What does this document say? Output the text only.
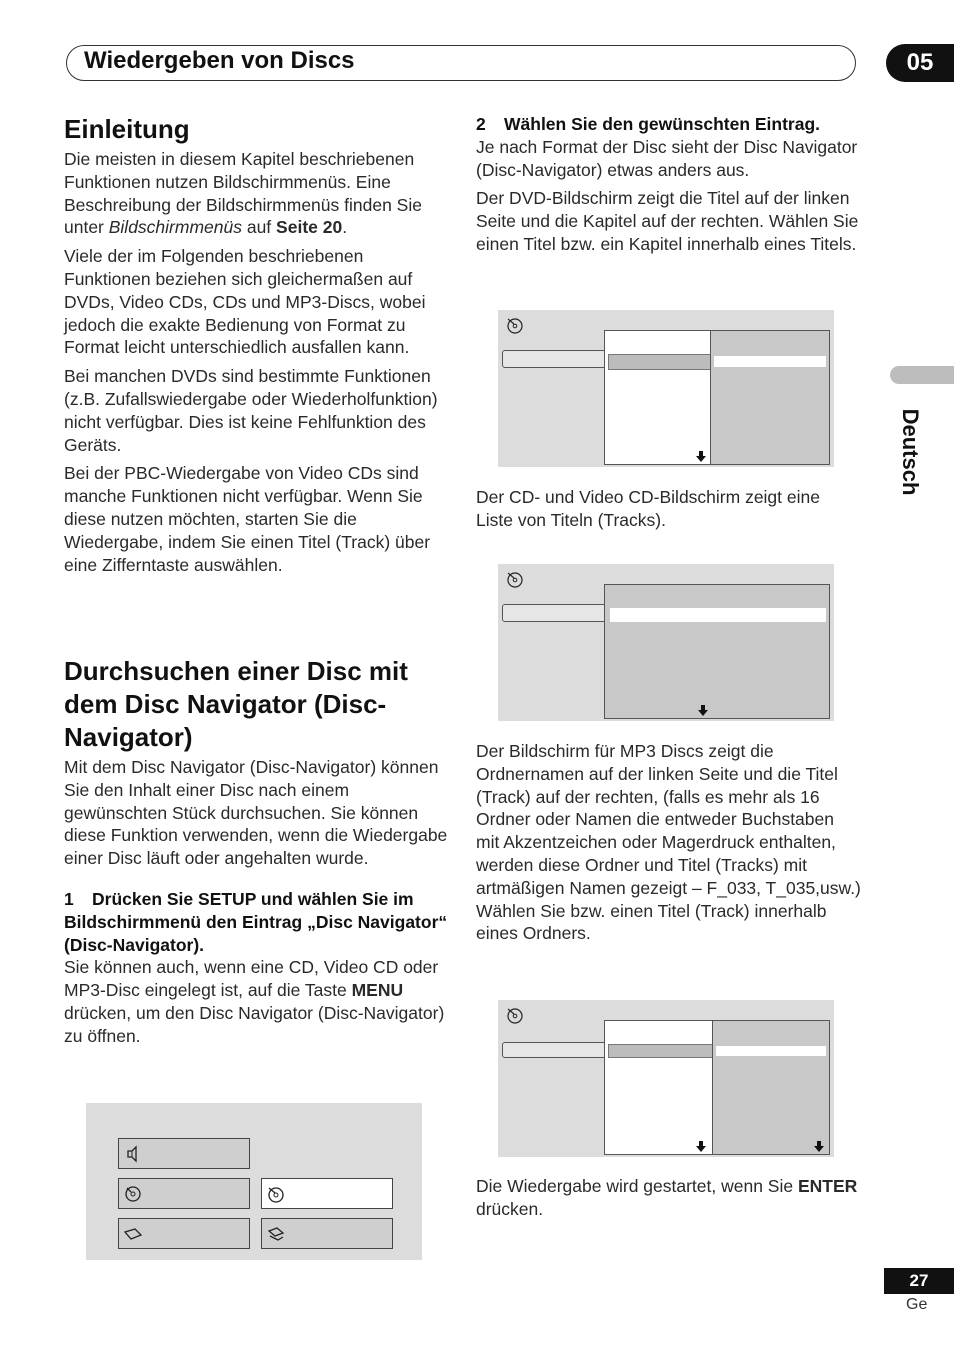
Wiedergeben von Discs	05
Deutsch
Einleitung

Die meisten in diesem Kapitel beschriebenen Funktionen nutzen Bildschirmmenüs. Eine Beschreibung der Bildschirmmenüs finden Sie unter Bildschirmmenüs auf Seite 20.

Viele der im Folgenden beschriebenen Funktionen beziehen sich gleichermaßen auf DVDs, Video CDs, CDs und MP3-Discs, wobei jedoch die exakte Bedienung von Format zu Format leicht unterschiedlich ausfallen kann.

Bei manchen DVDs sind bestimmte Funktionen (z.B. Zufallswiedergabe oder Wiederholfunktion) nicht verfügbar. Dies ist keine Fehlfunktion des Geräts.

Bei der PBC-Wiedergabe von Video CDs sind manche Funktionen nicht verfügbar. Wenn Sie diese nutzen möchten, starten Sie die Wiedergabe, indem Sie einen Titel (Track) über eine Zifferntaste auswählen.

Durchsuchen einer Disc mit dem Disc Navigator (Disc-Navigator)

Mit dem Disc Navigator (Disc-Navigator) können Sie den Inhalt einer Disc nach einem gewünschten Stück durchsuchen. Sie können diese Funktion verwenden, wenn die Wiedergabe einer Disc läuft oder angehalten wurde.

1 Drücken Sie SETUP und wählen Sie im Bildschirmmenü den Eintrag „Disc Navigator“ (Disc-Navigator).

Sie können auch, wenn eine CD, Video CD oder MP3-Disc eingelegt ist, auf die Taste MENU drücken, um den Disc Navigator (Disc-Navigator) zu öffnen.

2 Wählen Sie den gewünschten Eintrag.

Je nach Format der Disc sieht der Disc Navigator (Disc-Navigator) etwas anders aus.

Der DVD-Bildschirm zeigt die Titel auf der linken Seite und die Kapitel auf der rechten. Wählen Sie einen Titel bzw. ein Kapitel innerhalb eines Titels.

Der CD- und Video CD-Bildschirm zeigt eine Liste von Titeln (Tracks).

Der Bildschirm für MP3 Discs zeigt die Ordnernamen auf der linken Seite und die Titel (Track) auf der rechten, (falls es mehr als 16 Ordner oder Namen die entweder Buchstaben mit Akzentzeichen oder Magerdruck enthalten, werden diese Ordner und Titel (Tracks) mit artmäßigen Namen gezeigt – F_033, T_035,usw.)

Wählen Sie bzw. einen Titel (Track) innerhalb eines Ordners.

Die Wiedergabe wird gestartet, wenn Sie ENTER drücken.

27
Ge
